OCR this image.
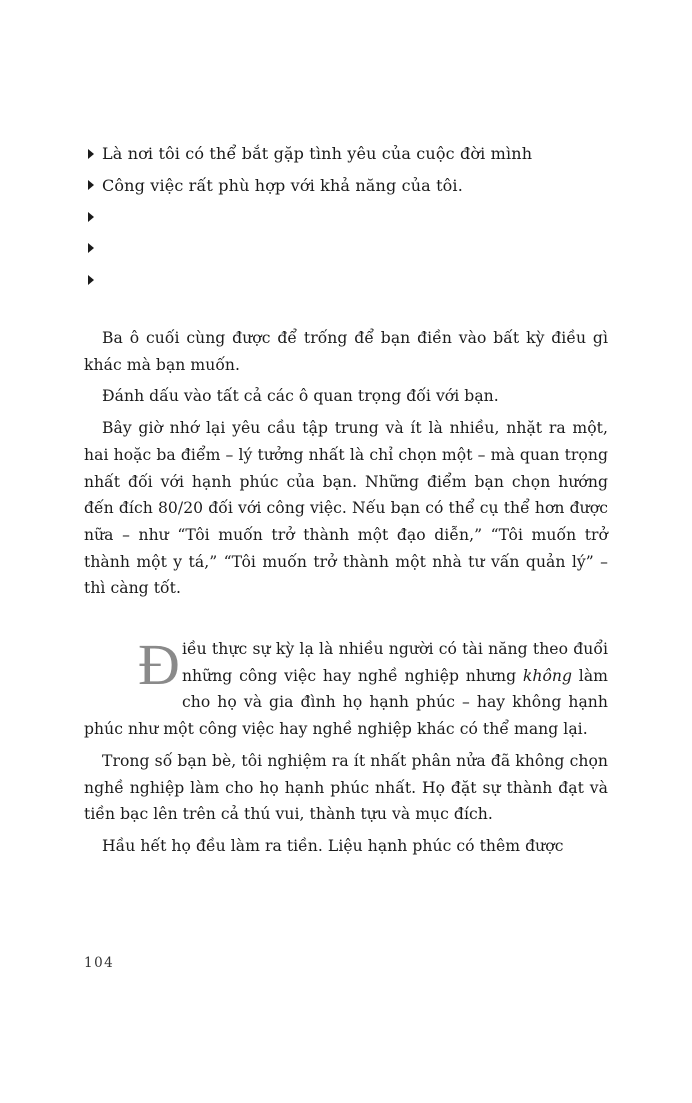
Là nơi tôi có thể bắt gặp tình yêu của cuộc đời mình
Công việc rất phù hợp với khả năng của tôi.

Ba ô cuối cùng được để trống để bạn điền vào bất kỳ điều gì khác mà bạn muốn.

Đánh dấu vào tất cả các ô quan trọng đối với bạn.

Bây giờ nhớ lại yêu cầu tập trung và ít là nhiều, nhặt ra một, hai hoặc ba điểm – lý tưởng nhất là chỉ chọn một – mà quan trọng nhất đối với hạnh phúc của bạn. Những điểm bạn chọn hướng đến đích 80/20 đối với công việc. Nếu bạn có thể cụ thể hơn được nữa – như “Tôi muốn trở thành một đạo diễn,” “Tôi muốn trở thành một y tá,” “Tôi muốn trở thành một nhà tư vấn quản lý” – thì càng tốt.

Điều thực sự kỳ lạ là nhiều người có tài năng theo đuổi những công việc hay nghề nghiệp nhưng không làm cho họ và gia đình họ hạnh phúc – hay không hạnh phúc như một công việc hay nghề nghiệp khác có thể mang lại.

Trong số bạn bè, tôi nghiệm ra ít nhất phân nửa đã không chọn nghề nghiệp làm cho họ hạnh phúc nhất. Họ đặt sự thành đạt và tiền bạc lên trên cả thú vui, thành tựu và mục đích.

Hầu hết họ đều làm ra tiền. Liệu hạnh phúc có thêm được

104
